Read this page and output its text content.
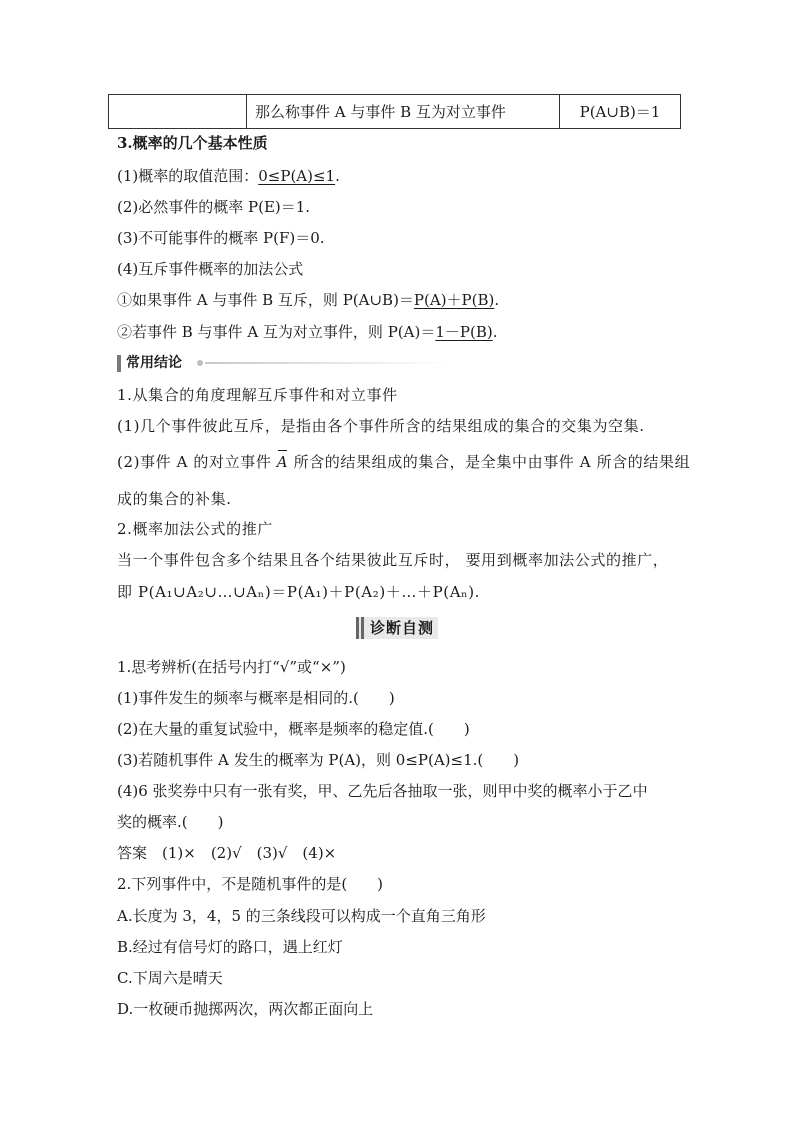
	那么称事件 A 与事件 B 互为对立事件	P(A∪B)＝1
3.概率的几个基本性质
(1)概率的取值范围：0≤P(A)≤1.
(2)必然事件的概率 P(E)＝1.
(3)不可能事件的概率 P(F)＝0.
(4)互斥事件概率的加法公式
①如果事件 A 与事件 B 互斥，则 P(A∪B)＝P(A)＋P(B).
②若事件 B 与事件 A 互为对立事件，则 P(A)＝1－P(B).
常用结论
1.从集合的角度理解互斥事件和对立事件
(1)几个事件彼此互斥，是指由各个事件所含的结果组成的集合的交集为空集.
(2)事件 A 的对立事件 A 所含的结果组成的集合，是全集中由事件 A 所含的结果组
成的集合的补集.
2.概率加法公式的推广
当一个事件包含多个结果且各个结果彼此互斥时， 要用到概率加法公式的推广，
即 P(A₁∪A₂∪…∪Aₙ)＝P(A₁)＋P(A₂)＋…＋P(Aₙ).
诊断自测
1.思考辨析(在括号内打“√”或“×”)
(1)事件发生的频率与概率是相同的.(　　)
(2)在大量的重复试验中，概率是频率的稳定值.(　　)
(3)若随机事件 A 发生的概率为 P(A)，则 0≤P(A)≤1.(　　)
(4)6 张奖券中只有一张有奖，甲、乙先后各抽取一张，则甲中奖的概率小于乙中
奖的概率.(　　)
答案　(1)×　(2)√　(3)√　(4)×
2.下列事件中，不是随机事件的是(　　)
A.长度为 3，4，5 的三条线段可以构成一个直角三角形
B.经过有信号灯的路口，遇上红灯
C.下周六是晴天
D.一枚硬币抛掷两次，两次都正面向上
